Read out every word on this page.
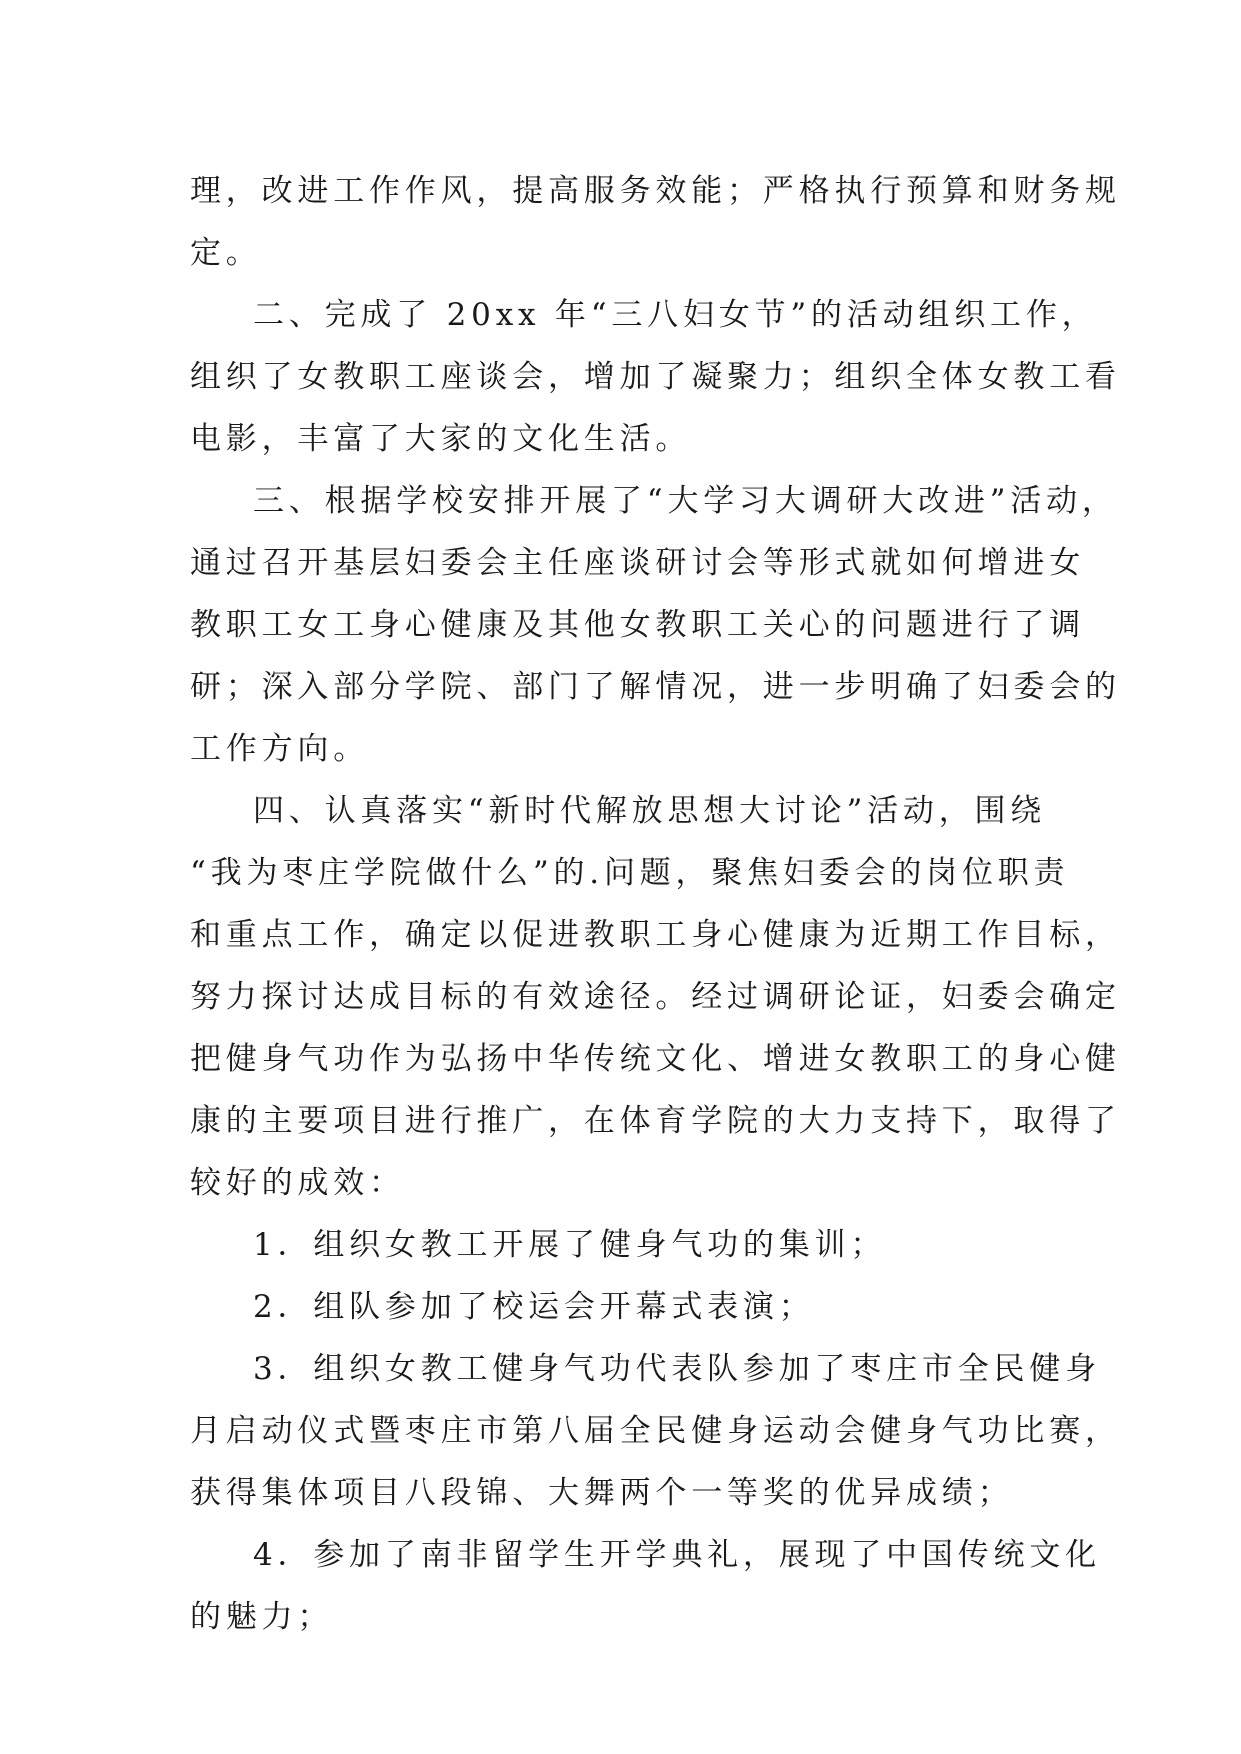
理，改进工作作风，提高服务效能；严格执行预算和财务规
定。
二、完成了 20xx 年“三八妇女节”的活动组织工作，
组织了女教职工座谈会，增加了凝聚力；组织全体女教工看
电影，丰富了大家的文化生活。
三、根据学校安排开展了“大学习大调研大改进”活动，
通过召开基层妇委会主任座谈研讨会等形式就如何增进女
教职工女工身心健康及其他女教职工关心的问题进行了调
研；深入部分学院、部门了解情况，进一步明确了妇委会的
工作方向。
四、认真落实“新时代解放思想大讨论”活动，围绕
“我为枣庄学院做什么”的.问题，聚焦妇委会的岗位职责
和重点工作，确定以促进教职工身心健康为近期工作目标，
努力探讨达成目标的有效途径。经过调研论证，妇委会确定
把健身气功作为弘扬中华传统文化、增进女教职工的身心健
康的主要项目进行推广，在体育学院的大力支持下，取得了
较好的成效：
1．组织女教工开展了健身气功的集训；
2．组队参加了校运会开幕式表演；
3．组织女教工健身气功代表队参加了枣庄市全民健身
月启动仪式暨枣庄市第八届全民健身运动会健身气功比赛，
获得集体项目八段锦、大舞两个一等奖的优异成绩；
4．参加了南非留学生开学典礼，展现了中国传统文化
的魅力；
